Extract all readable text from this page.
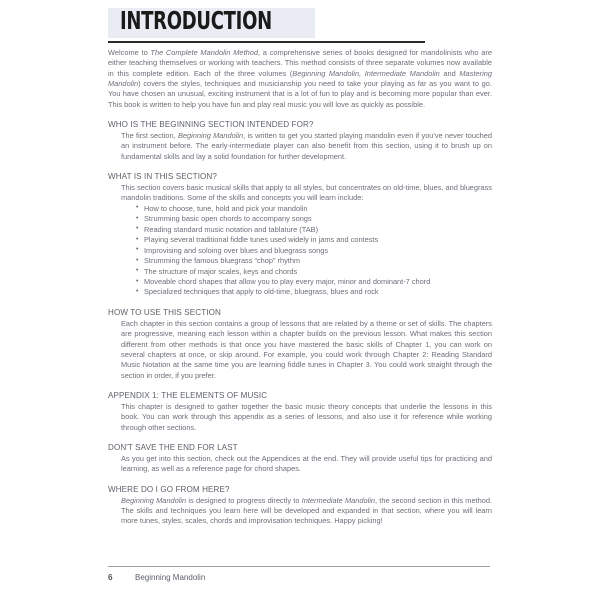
INTRODUCTION

Welcome to The Complete Mandolin Method, a comprehensive series of books designed for mandolinists who are either teaching themselves or working with teachers. This method consists of three separate volumes now available in this complete edition. Each of the three volumes (Beginning Mandolin, Intermediate Mandolin and Mastering Mandolin) covers the styles, techniques and musicianship you need to take your playing as far as you want to go. You have chosen an unusual, exciting instrument that is a lot of fun to play and is becoming more popular than ever. This book is written to help you have fun and play real music you will love as quickly as possible.

WHO IS THE BEGINNING SECTION INTENDED FOR?

The first section, Beginning Mandolin, is written to get you started playing mandolin even if you've never touched an instrument before. The early-intermediate player can also benefit from this section, using it to brush up on fundamental skills and lay a solid foundation for further development.

WHAT IS IN THIS SECTION?

This section covers basic musical skills that apply to all styles, but concentrates on old-time, blues, and bluegrass mandolin traditions. Some of the skills and concepts you will learn include:

• How to choose, tune, hold and pick your mandolin
• Strumming basic open chords to accompany songs
• Reading standard music notation and tablature (TAB)
• Playing several traditional fiddle tunes used widely in jams and contests
• Improvising and soloing over blues and bluegrass songs
• Strumming the famous bluegrass “chop” rhythm
• The structure of major scales, keys and chords
• Moveable chord shapes that allow you to play every major, minor and dominant-7 chord
• Specialized techniques that apply to old-time, bluegrass, blues and rock
HOW TO USE THIS SECTION

Each chapter in this section contains a group of lessons that are related by a theme or set of skills. The chapters are progressive, meaning each lesson within a chapter builds on the previous lesson. What makes this section different from other methods is that once you have mastered the basic skills of Chapter 1, you can work on several chapters at once, or skip around. For example, you could work through Chapter 2: Reading Standard Music Notation at the same time you are learning fiddle tunes in Chapter 3. You could work straight through the section in order, if you prefer.

APPENDIX 1: THE ELEMENTS OF MUSIC

This chapter is designed to gather together the basic music theory concepts that underlie the lessons in this book. You can work through this appendix as a series of lessons, and also use it for reference while working through other sections.

DON'T SAVE THE END FOR LAST

As you get into this section, check out the Appendices at the end. They will provide useful tips for practicing and learning, as well as a reference page for chord shapes.

WHERE DO I GO FROM HERE?

Beginning Mandolin is designed to progress directly to Intermediate Mandolin, the second section in this method. The skills and techniques you learn here will be developed and expanded in that section, where you will learn more tunes, styles, scales, chords and improvisation techniques. Happy picking!

6	Beginning Mandolin
